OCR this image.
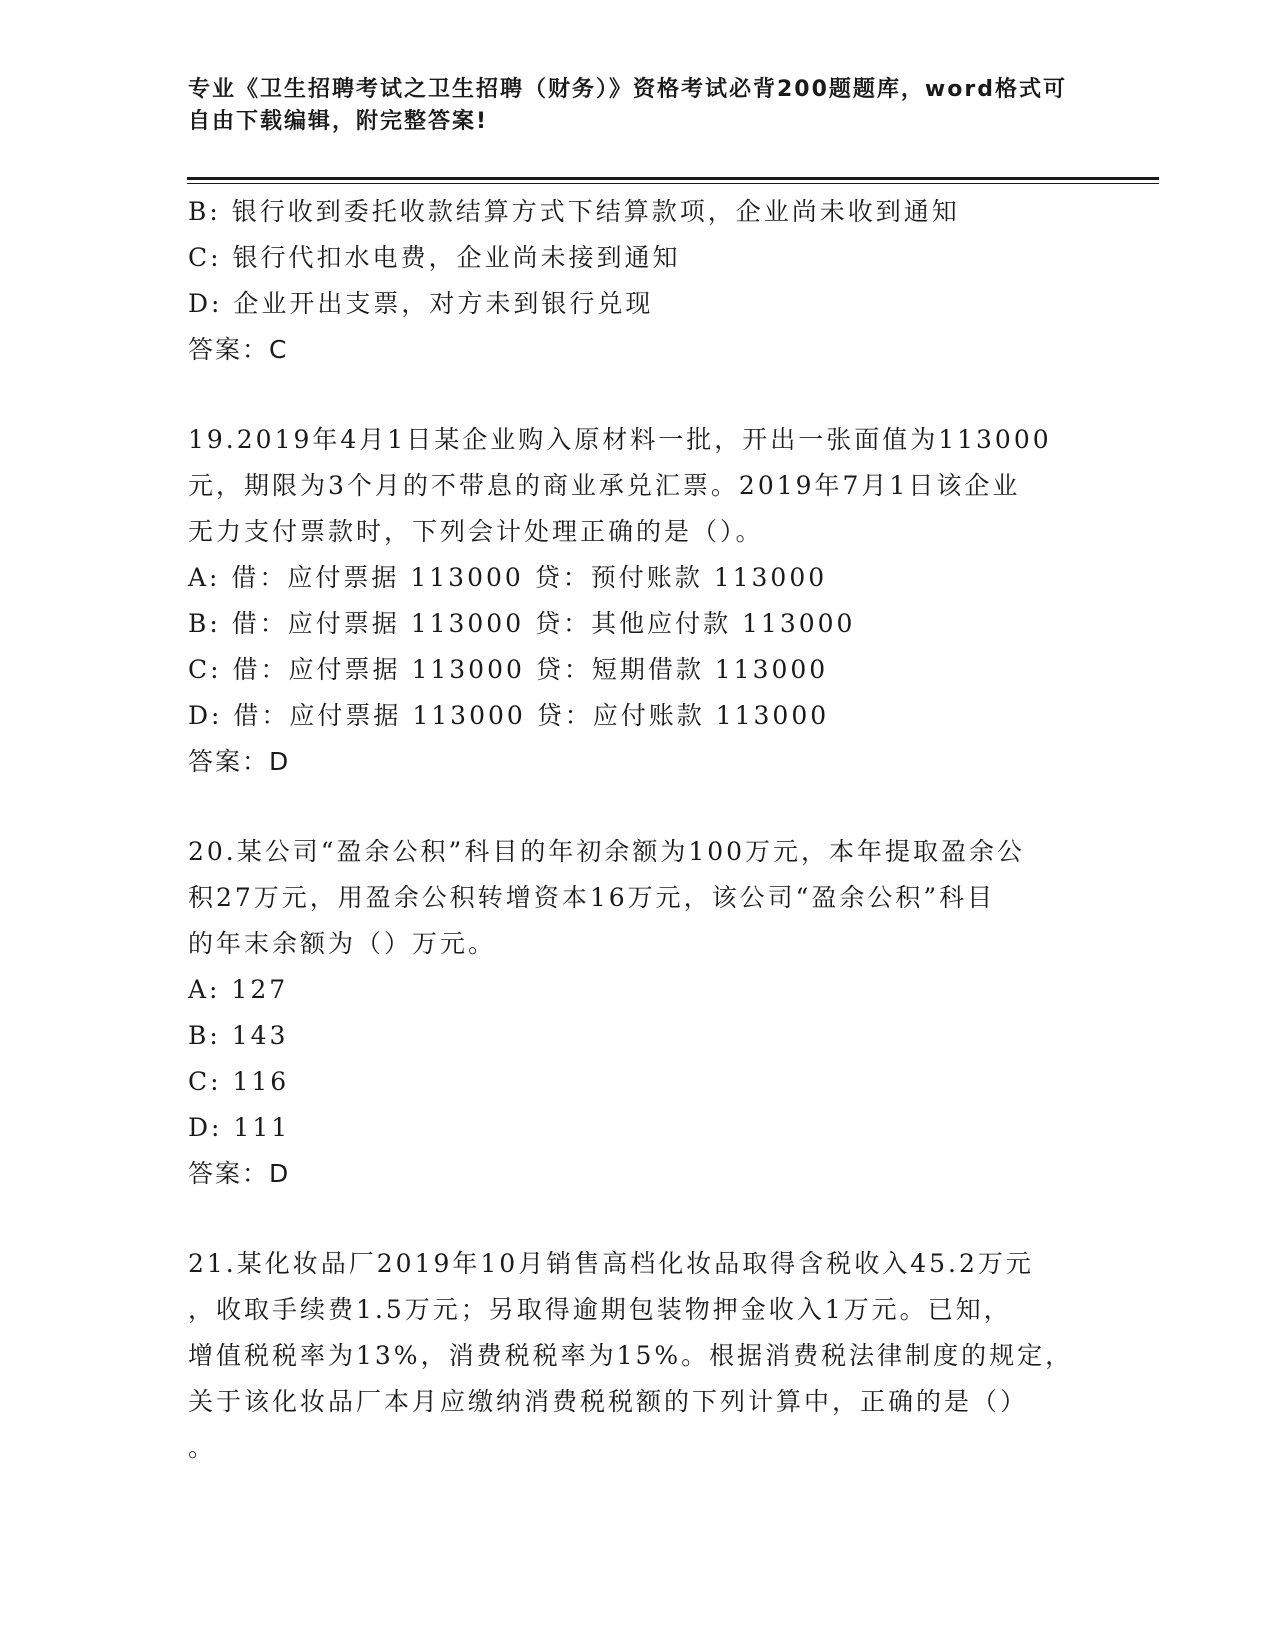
专业《卫生招聘考试之卫生招聘（财务）》资格考试必背200题题库，word格式可自由下载编辑，附完整答案!

B: 银行收到委托收款结算方式下结算款项，企业尚未收到通知

C: 银行代扣水电费，企业尚未接到通知

D: 企业开出支票，对方未到银行兑现

答案：C

19.2019年4月1日某企业购入原材料一批，开出一张面值为113000
元，期限为3个月的不带息的商业承兑汇票。2019年7月1日该企业
无力支付票款时，下列会计处理正确的是（）。

A: 借：应付票据 113000 贷：预付账款 113000

B: 借：应付票据 113000 贷：其他应付款 113000

C: 借：应付票据 113000 贷：短期借款 113000

D: 借：应付票据 113000 贷：应付账款 113000

答案：D

20.某公司“盈余公积”科目的年初余额为100万元，本年提取盈余公
积27万元，用盈余公积转增资本16万元，该公司“盈余公积”科目
的年末余额为（）万元。

A: 127

B: 143

C: 116

D: 111

答案：D

21.某化妆品厂2019年10月销售高档化妆品取得含税收入45.2万元
，收取手续费1.5万元；另取得逾期包装物押金收入1万元。已知，
增值税税率为13%，消费税税率为15%。根据消费税法律制度的规定，
关于该化妆品厂本月应缴纳消费税税额的下列计算中，正确的是（）
。
